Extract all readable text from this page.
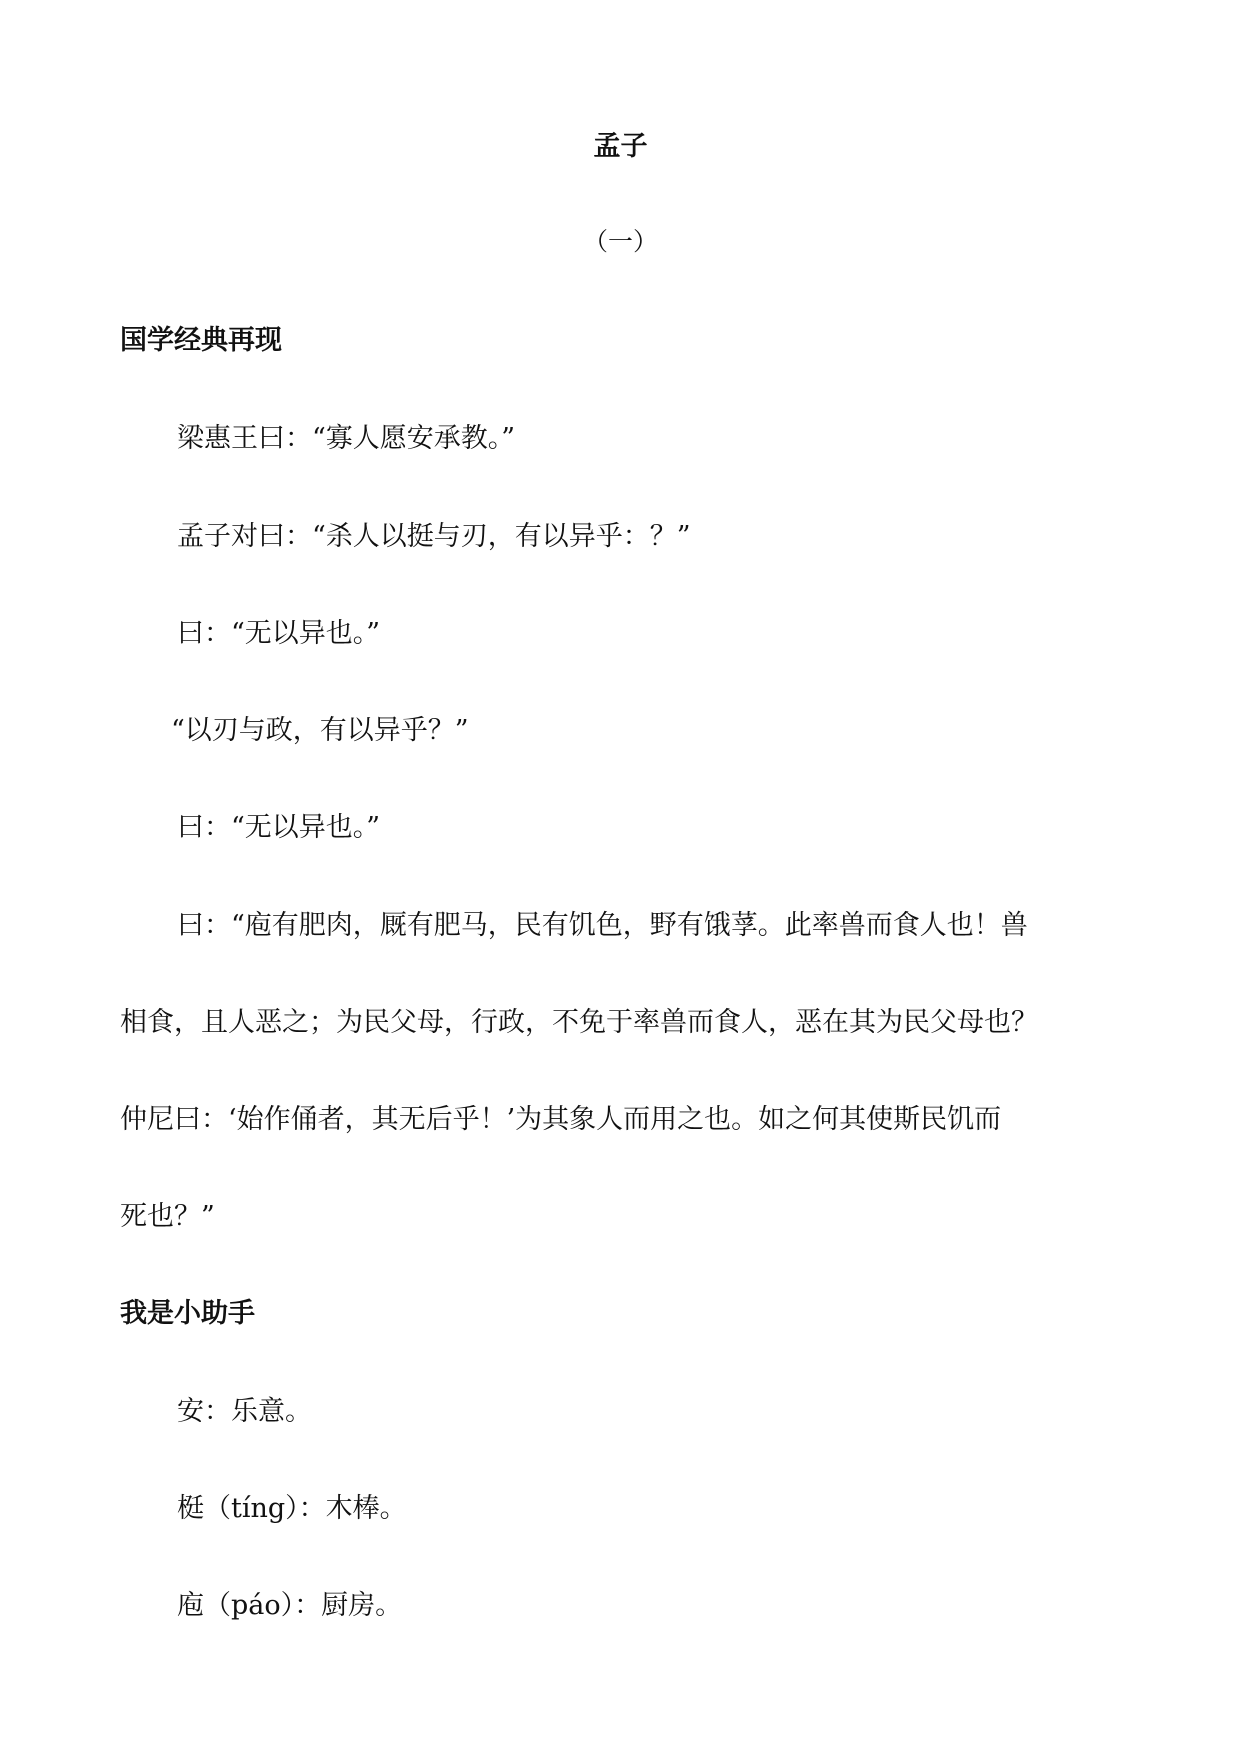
孟子

（一）

国学经典再现

梁惠王曰：“寡人愿安承教。”

孟子对曰：“杀人以挺与刃，有以异乎：？”

曰：“无以异也。”

“以刃与政，有以异乎？”

曰：“无以异也。”

曰：“庖有肥肉，厩有肥马，民有饥色，野有饿莩。此率兽而食人也！兽

相食，且人恶之；为民父母，行政，不免于率兽而食人，恶在其为民父母也？

仲尼曰：‘始作俑者，其无后乎！’为其象人而用之也。如之何其使斯民饥而

死也？”

我是小助手

安：乐意。

梃（tíng）：木棒。

庖（páo）：厨房。
